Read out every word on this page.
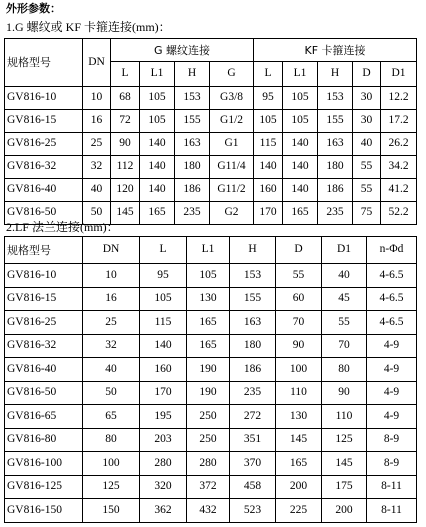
外形参数：
1.G 螺纹或 KF 卡箍连接(mm)：
规格型号	DN	G 螺纹连接				KF 卡箍连接				
		L	L1	H	G	L	L1	H	D	D1
GV816-10	10	68	105	153	G3/8	95	105	153	30	12.2
GV816-15	16	72	105	155	G1/2	105	105	155	30	17.2
GV816-25	25	90	140	163	G1	115	140	163	40	26.2
GV816-32	32	112	140	180	G11/4	140	140	180	55	34.2
GV816-40	40	120	140	186	G11/2	160	140	186	55	41.2
GV816-50	50	145	165	235	G2	170	165	235	75	52.2
2.LF 法兰连接(mm)：
规格型号	DN	L	L1	H	D	D1	n-Φd
GV816-10	10	95	105	153	55	40	4-6.5
GV816-15	16	105	130	155	60	45	4-6.5
GV816-25	25	115	165	163	70	55	4-6.5
GV816-32	32	140	165	180	90	70	4-9
GV816-40	40	160	190	186	100	80	4-9
GV816-50	50	170	190	235	110	90	4-9
GV816-65	65	195	250	272	130	110	4-9
GV816-80	80	203	250	351	145	125	8-9
GV816-100	100	280	280	370	165	145	8-9
GV816-125	125	320	372	458	200	175	8-11
GV816-150	150	362	432	523	225	200	8-11
